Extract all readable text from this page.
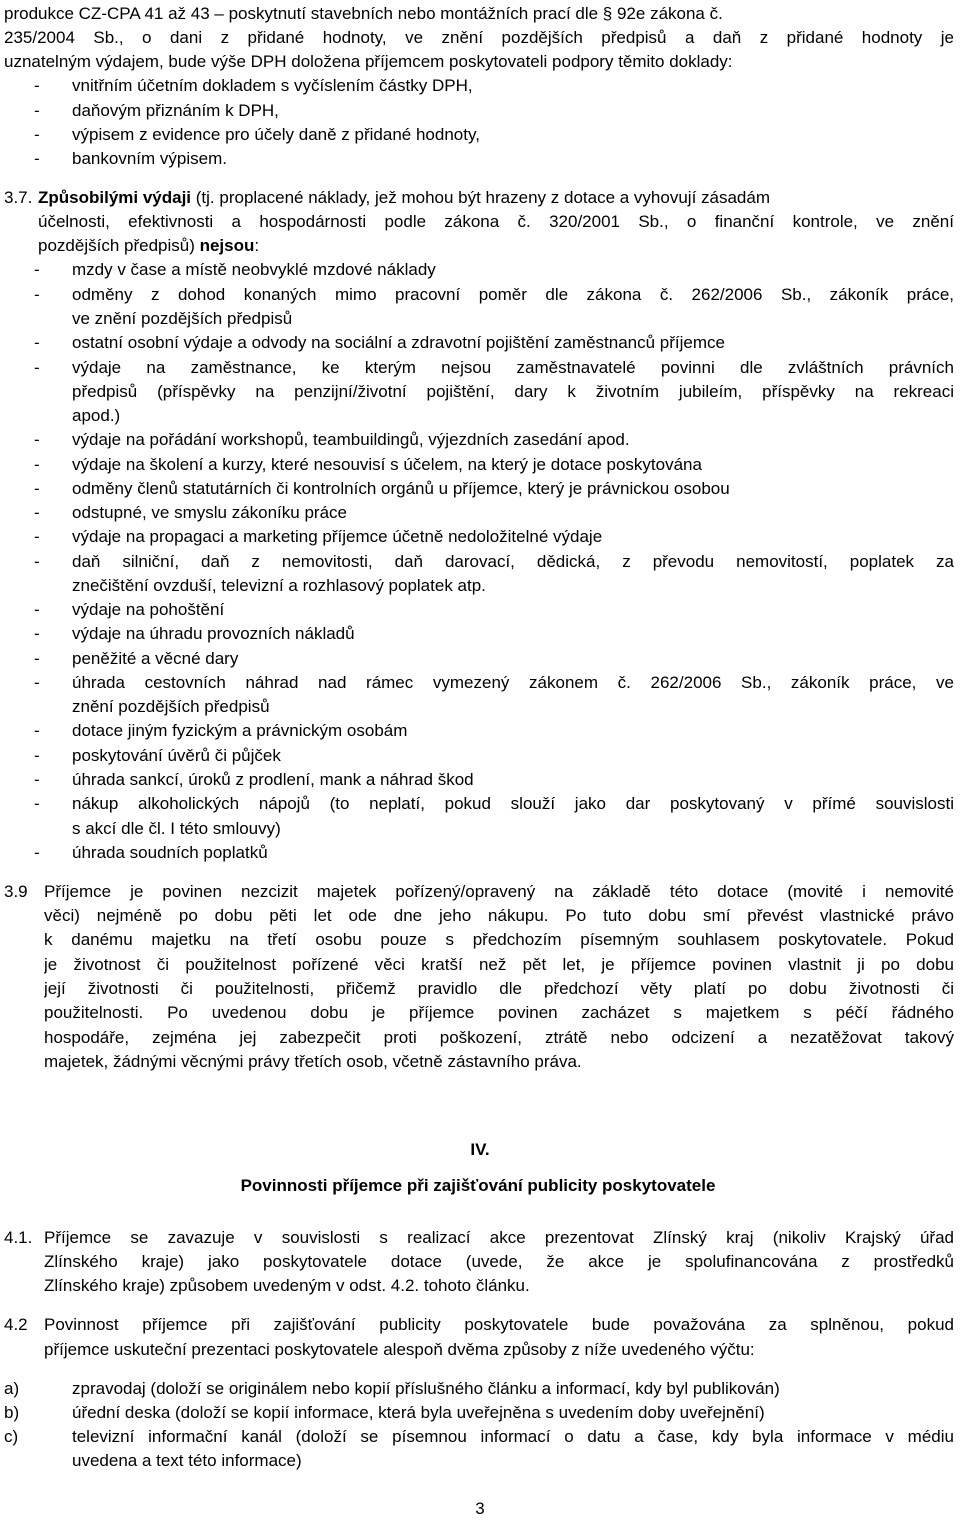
produkce CZ-CPA 41 až 43 – poskytnutí stavebních nebo montážních prací dle § 92e zákona č.
235/2004 Sb., o dani z přidané hodnoty, ve znění pozdějších předpisů a daň z přidané hodnoty je
uznatelným výdajem, bude výše DPH doložena příjemcem poskytovateli podpory těmito doklady:
- vnitřním účetním dokladem s vyčíslením částky DPH,
- daňovým přiznáním k DPH,
- výpisem z evidence pro účely daně z přidané hodnoty,
- bankovním výpisem.
3.7. Způsobilými výdaji (tj. proplacené náklady, jež mohou být hrazeny z dotace a vyhovují zásadám
účelnosti, efektivnosti a hospodárnosti podle zákona č. 320/2001 Sb., o finanční kontrole, ve znění
pozdějších předpisů) nejsou:
- mzdy v čase a místě neobvyklé mzdové náklady
- odměny z dohod konaných mimo pracovní poměr dle zákona č. 262/2006 Sb., zákoník práce,
ve znění pozdějších předpisů
- ostatní osobní výdaje a odvody na sociální a zdravotní pojištění zaměstnanců příjemce
- výdaje na zaměstnance, ke kterým nejsou zaměstnavatelé povinni dle zvláštních právních
předpisů (příspěvky na penzijní/životní pojištění, dary k životním jubileím, příspěvky na rekreaci
apod.)
- výdaje na pořádání workshopů, teambuildingů, výjezdních zasedání apod.
- výdaje na školení a kurzy, které nesouvisí s účelem, na který je dotace poskytována
- odměny členů statutárních či kontrolních orgánů u příjemce, který je právnickou osobou
- odstupné, ve smyslu zákoníku práce
- výdaje na propagaci a marketing příjemce účetně nedoložitelné výdaje
- daň silniční, daň z nemovitosti, daň darovací, dědická, z převodu nemovitostí, poplatek za
znečištění ovzduší, televizní a rozhlasový poplatek atp.
- výdaje na pohoštění
- výdaje na úhradu provozních nákladů
- peněžité a věcné dary
- úhrada cestovních náhrad nad rámec vymezený zákonem č. 262/2006 Sb., zákoník práce, ve
znění pozdějších předpisů
- dotace jiným fyzickým a právnickým osobám
- poskytování úvěrů či půjček
- úhrada sankcí, úroků z prodlení, mank a náhrad škod
- nákup alkoholických nápojů (to neplatí, pokud slouží jako dar poskytovaný v přímé souvislosti
s akcí dle čl. I této smlouvy)
- úhrada soudních poplatků
3.9 Příjemce je povinen nezcizit majetek pořízený/opravený na základě této dotace (movité i nemovité
věci) nejméně po dobu pěti let ode dne jeho nákupu. Po tuto dobu smí převést vlastnické právo
k danému majetku na třetí osobu pouze s předchozím písemným souhlasem poskytovatele. Pokud
je životnost či použitelnost pořízené věci kratší než pět let, je příjemce povinen vlastnit ji po dobu
její životnosti či použitelnosti, přičemž pravidlo dle předchozí věty platí po dobu životnosti či
použitelnosti. Po uvedenou dobu je příjemce povinen zacházet s majetkem s péčí řádného
hospodáře, zejména jej zabezpečit proti poškození, ztrátě nebo odcizení a nezatěžovat takový
majetek, žádnými věcnými právy třetích osob, včetně zástavního práva.
IV.
Povinnosti příjemce při zajišťování publicity poskytovatele
4.1. Příjemce se zavazuje v souvislosti s realizací akce prezentovat Zlínský kraj (nikoliv Krajský úřad
Zlínského kraje) jako poskytovatele dotace (uvede, že akce je spolufinancována z prostředků
Zlínského kraje) způsobem uvedeným v odst. 4.2. tohoto článku.
4.2 Povinnost příjemce při zajišťování publicity poskytovatele bude považována za splněnou, pokud
příjemce uskuteční prezentaci poskytovatele alespoň dvěma způsoby z níže uvedeného výčtu:
a)	zpravodaj (doloží se originálem nebo kopií příslušného článku a informací, kdy byl publikován)
b)	úřední deska (doloží se kopií informace, která byla uveřejněna s uvedením doby uveřejnění)
c)	televizní informační kanál (doloží se písemnou informací o datu a čase, kdy byla informace v médiu
uvedena a text této informace)
3
